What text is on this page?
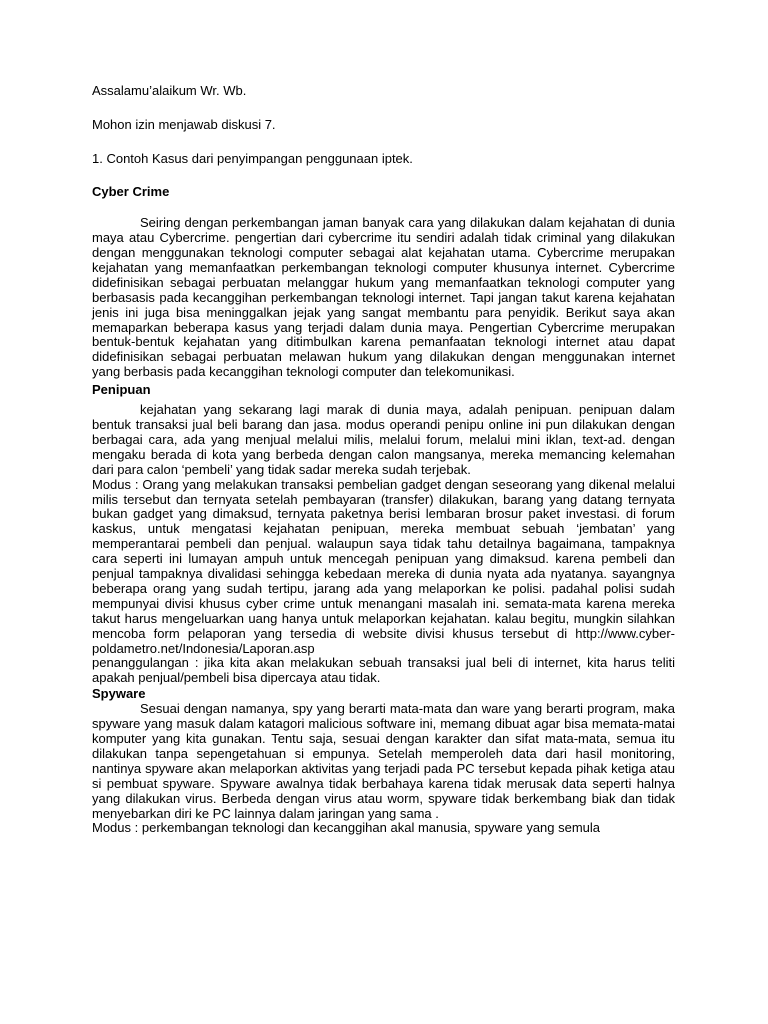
Assalamu’alaikum Wr. Wb.

Mohon izin menjawab diskusi 7.

1. Contoh Kasus dari penyimpangan penggunaan iptek.

Cyber Crime

Seiring dengan perkembangan jaman banyak cara yang dilakukan dalam kejahatan di dunia maya atau Cybercrime. pengertian dari cybercrime itu sendiri adalah tidak criminal yang dilakukan dengan menggunakan teknologi computer sebagai alat kejahatan utama. Cybercrime merupakan kejahatan yang memanfaatkan perkembangan teknologi computer khusunya internet. Cybercrime didefinisikan sebagai perbuatan melanggar hukum yang memanfaatkan teknologi computer yang berbasasis pada kecanggihan perkembangan teknologi internet. Tapi jangan takut karena kejahatan jenis ini juga bisa meninggalkan jejak yang sangat membantu para penyidik. Berikut saya akan memaparkan beberapa kasus yang terjadi dalam dunia maya. Pengertian Cybercrime merupakan bentuk-bentuk kejahatan yang ditimbulkan karena pemanfaatan teknologi internet atau dapat didefinisikan sebagai perbuatan melawan hukum yang dilakukan dengan menggunakan internet yang berbasis pada kecanggihan teknologi computer dan telekomunikasi.

Penipuan

kejahatan yang sekarang lagi marak di dunia maya, adalah penipuan. penipuan dalam bentuk transaksi jual beli barang dan jasa. modus operandi penipu online ini pun dilakukan dengan berbagai cara, ada yang menjual melalui milis, melalui forum, melalui mini iklan, text-ad. dengan mengaku berada di kota yang berbeda dengan calon mangsanya, mereka memancing kelemahan dari para calon ‘pembeli’ yang tidak sadar mereka sudah terjebak.

Modus : Orang yang melakukan transaksi pembelian gadget dengan seseorang yang dikenal melalui milis tersebut dan ternyata setelah pembayaran (transfer) dilakukan, barang yang datang ternyata bukan gadget yang dimaksud, ternyata paketnya berisi lembaran brosur paket investasi. di forum kaskus, untuk mengatasi kejahatan penipuan, mereka membuat sebuah ‘jembatan’ yang memperantarai pembeli dan penjual. walaupun saya tidak tahu detailnya bagaimana, tampaknya cara seperti ini lumayan ampuh untuk mencegah penipuan yang dimaksud. karena pembeli dan penjual tampaknya divalidasi sehingga kebedaan mereka di dunia nyata ada nyatanya. sayangnya beberapa orang yang sudah tertipu, jarang ada yang melaporkan ke polisi. padahal polisi sudah mempunyai divisi khusus cyber crime untuk menangani masalah ini. semata-mata karena mereka takut harus mengeluarkan uang hanya untuk melaporkan kejahatan. kalau begitu, mungkin silahkan mencoba form pelaporan yang tersedia di website divisi khusus tersebut di http://www.cyber-poldametro.net/Indonesia/Laporan.asp

penanggulangan : jika kita akan melakukan sebuah transaksi jual beli di internet, kita harus teliti apakah penjual/pembeli bisa dipercaya atau tidak.

Spyware

Sesuai dengan namanya, spy yang berarti mata-mata dan ware yang berarti program, maka spyware yang masuk dalam katagori malicious software ini, memang dibuat agar bisa memata-matai komputer yang kita gunakan. Tentu saja, sesuai dengan karakter dan sifat mata-mata, semua itu dilakukan tanpa sepengetahuan si empunya. Setelah memperoleh data dari hasil monitoring, nantinya spyware akan melaporkan aktivitas yang terjadi pada PC tersebut kepada pihak ketiga atau si pembuat spyware. Spyware awalnya tidak berbahaya karena tidak merusak data seperti halnya yang dilakukan virus. Berbeda dengan virus atau worm, spyware tidak berkembang biak dan tidak menyebarkan diri ke PC lainnya dalam jaringan yang sama .

Modus : perkembangan teknologi dan kecanggihan akal manusia, spyware yang semula
